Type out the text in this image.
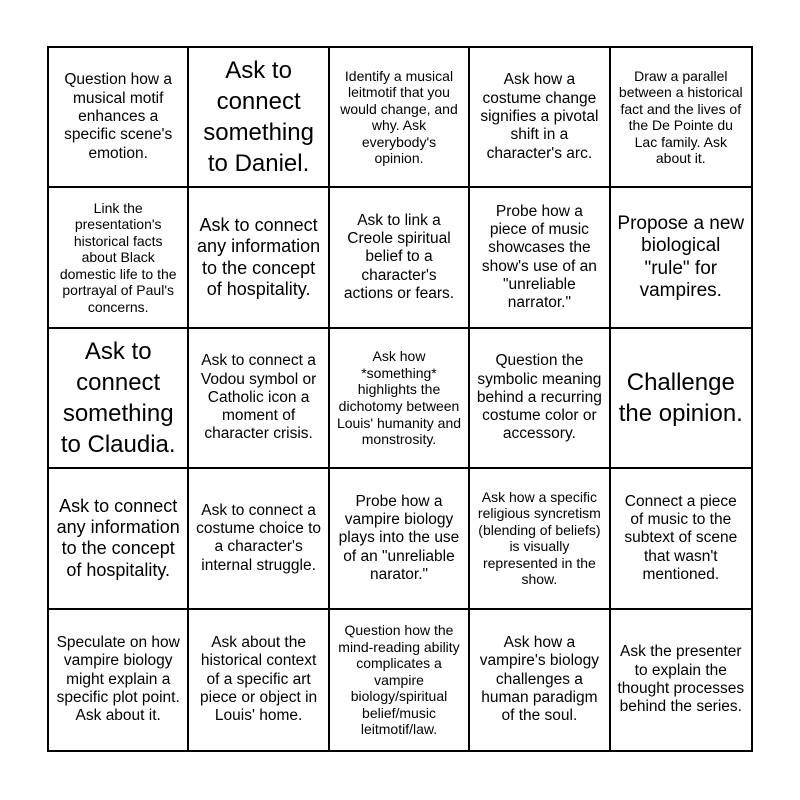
Question how a musical motif enhances a specific scene's emotion.
Ask to connect something to Daniel.
Identify a musical leitmotif that you would change, and why. Ask everybody's opinion.
Ask how a costume change signifies a pivotal shift in a character's arc.
Draw a parallel between a historical fact and the lives of the De Pointe du Lac family. Ask about it.
Link the presentation's historical facts about Black domestic life to the portrayal of Paul's concerns.
Ask to connect any information to the concept of hospitality.
Ask to link a Creole spiritual belief to a character's actions or fears.
Probe how a piece of music showcases the show's use of an "unreliable narrator."
Propose a new biological "rule" for vampires.
Ask to connect something to Claudia.
Ask to connect a Vodou symbol or Catholic icon a moment of character crisis.
Ask how *something* highlights the dichotomy between Louis' humanity and monstrosity.
Question the symbolic meaning behind a recurring costume color or accessory.
Challenge the opinion.
Ask to connect any information to the concept of hospitality.
Ask to connect a costume choice to a character's internal struggle.
Probe how a vampire biology plays into the use of an "unreliable narator."
Ask how a specific religious syncretism (blending of beliefs) is visually represented in the show.
Connect a piece of music to the subtext of scene that wasn't mentioned.
Speculate on how vampire biology might explain a specific plot point. Ask about it.
Ask about the historical context of a specific art piece or object in Louis' home.
Question how the mind-reading ability complicates a vampire biology/spiritual belief/music leitmotif/law.
Ask how a vampire's biology challenges a human paradigm of the soul.
Ask the presenter to explain the thought processes behind the series.
